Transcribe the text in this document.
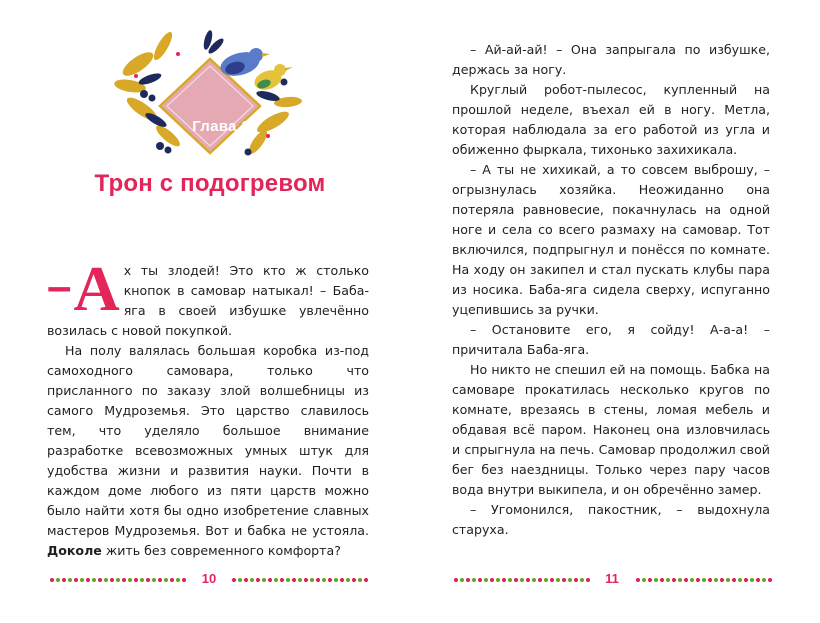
Глава 1
Трон с подогревом

– А х ты злодей! Это кто ж столько кнопок в самовар натыкал! – Баба-яга в своей избушке увлечённо возилась с новой покупкой.

На полу валялась большая коробка из-под самоходного самовара, только что присланного по заказу злой волшебницы из самого Мудроземья. Это царство славилось тем, что уделяло большое внимание разработке всевозможных умных штук для удобства жизни и развития науки. Почти в каждом доме любого из пяти царств можно было найти хотя бы одно изобретение славных мастеров Мудроземья. Вот и бабка не устояла. Доколе жить без современного комфорта?

10

– Ай-ай-ай! – Она запрыгала по избушке, держась за ногу.

Круглый робот-пылесос, купленный на прошлой неделе, въехал ей в ногу. Метла, которая наблюдала за его работой из угла и обиженно фыркала, тихонько захихикала.

– А ты не хихикай, а то совсем выброшу, – огрызнулась хозяйка. Неожиданно она потеряла равновесие, покачнулась на одной ноге и села со всего размаху на самовар. Тот включился, подпрыгнул и понёсся по комнате. На ходу он закипел и стал пускать клубы пара из носика. Баба-яга сидела сверху, испуганно уцепившись за ручки.

– Остановите его, я сойду! А-а-а! – причитала Баба-яга.

Но никто не спешил ей на помощь. Бабка на самоваре прокатилась несколько кругов по комнате, врезаясь в стены, ломая мебель и обдавая всё паром. Наконец она изловчилась и спрыгнула на печь. Самовар продолжил свой бег без наездницы. Только через пару часов вода внутри выкипела, и он обречённо замер.

– Угомонился, пакостник, – выдохнула старуха.

11
